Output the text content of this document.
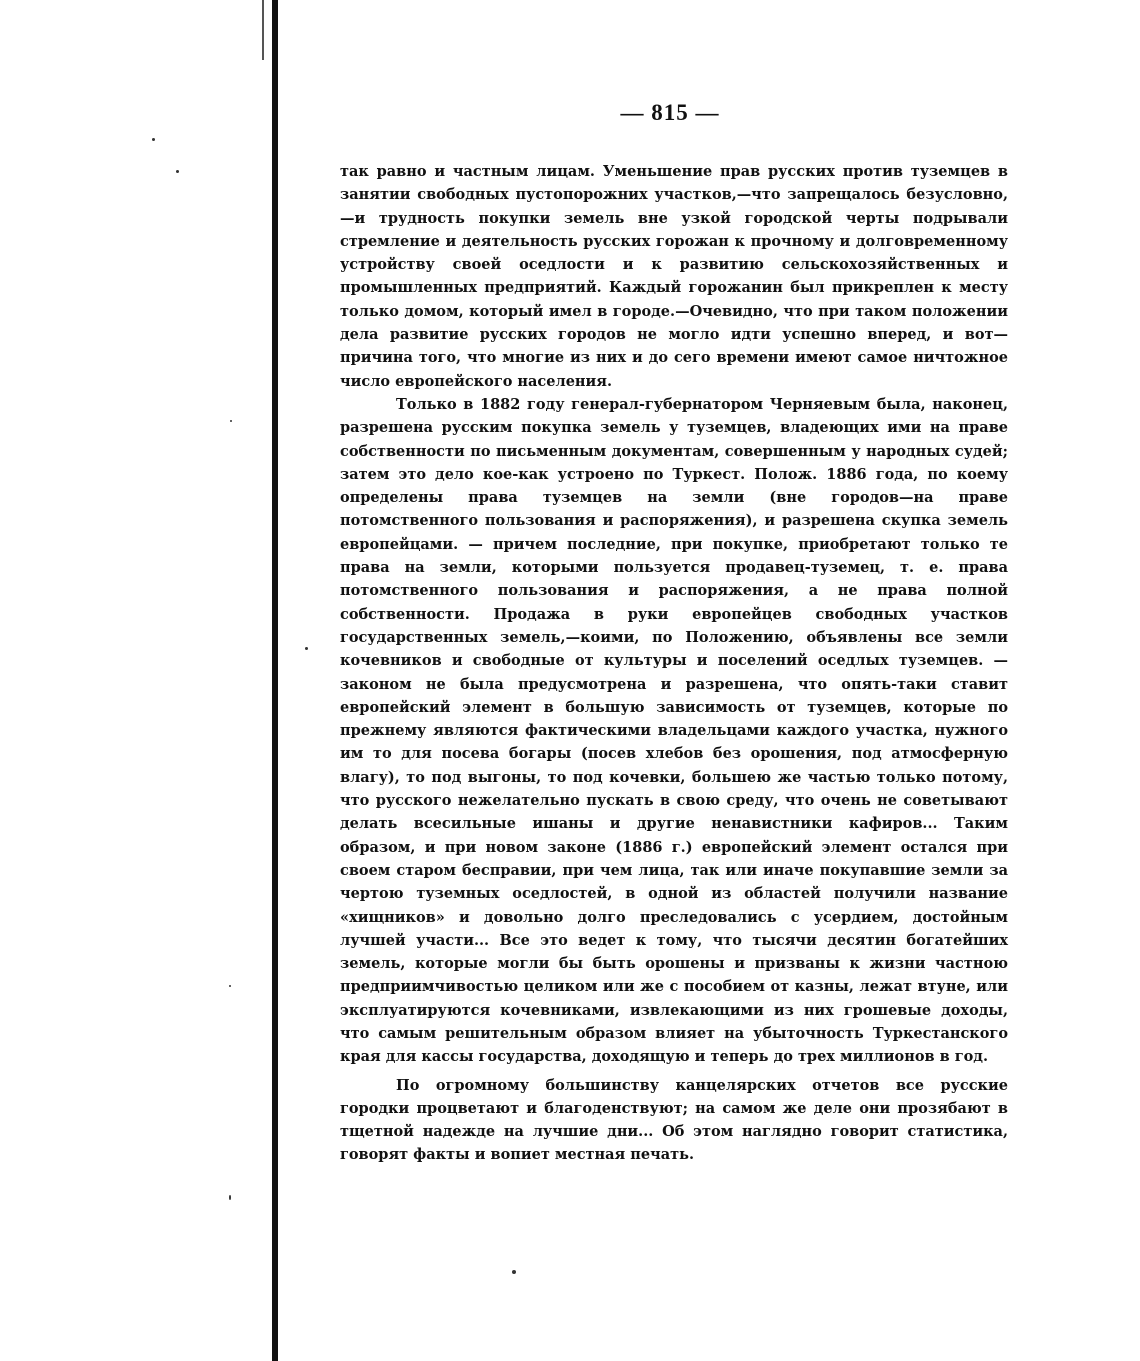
— 815 —

так равно и частным лицам. Уменьшение прав русских против туземцев в занятии свободных пустопорожних участков,—что запрещалось безусловно,—и трудность покупки земель вне узкой городской черты подрывали стремление и деятельность русских горожан к прочному и долговременному устройству своей оседлости и к развитию сельскохозяйственных и промышленных предприятий. Каждый горожанин был прикреплен к месту только домом, который имел в городе.—Очевидно, что при таком положении дела развитие русских городов не могло идти успешно вперед, и вот—причина того, что многие из них и до сего времени имеют самое ничтожное число европейского населения.

Только в 1882 году генерал-губернатором Черняевым была, наконец, разрешена русским покупка земель у туземцев, владеющих ими на праве собственности по письменным документам, совершенным у народных судей; затем это дело кое-как устроено по Туркест. Полож. 1886 года, по коему определены права туземцев на земли (вне городов—на праве потомственного пользования и распоряжения), и разрешена скупка земель европейцами. — причем последние, при покупке, приобретают только те права на земли, которыми пользуется продавец-туземец, т. е. права потомственного пользования и распоряжения, а не права полной собственности. Продажа в руки европейцев свободных участков государственных земель,—коими, по Положению, объявлены все земли кочевников и свободные от культуры и поселений оседлых туземцев. — законом не была предусмотрена и разрешена, что опять-таки ставит европейский элемент в большую зависимость от туземцев, которые по прежнему являются фактическими владельцами каждого участка, нужного им то для посева богары (посев хлебов без орошения, под атмосферную влагу), то под выгоны, то под кочевки, большею же частью только потому, что русского нежелательно пускать в свою среду, что очень не советывают делать всесильные ишаны и другие ненавистники кафиров... Таким образом, и при новом законе (1886 г.) европейский элемент остался при своем старом бесправии, при чем лица, так или иначе покупавшие земли за чертою туземных оседлостей, в одной из областей получили название «хищников» и довольно долго преследовались с усердием, достойным лучшей участи... Все это ведет к тому, что тысячи десятин богатейших земель, которые могли бы быть орошены и призваны к жизни частною предприимчивостью целиком или же с пособием от казны, лежат втуне, или эксплуатируются кочевниками, извлекающими из них грошевые доходы, что самым решительным образом влияет на убыточность Туркестанского края для кассы государства, доходящую и теперь до трех миллионов в год.

По огромному большинству канцелярских отчетов все русские городки процветают и благоденствуют; на самом же деле они прозябают в тщетной надежде на лучшие дни... Об этом наглядно говорит статистика, говорят факты и вопиет местная печать.
